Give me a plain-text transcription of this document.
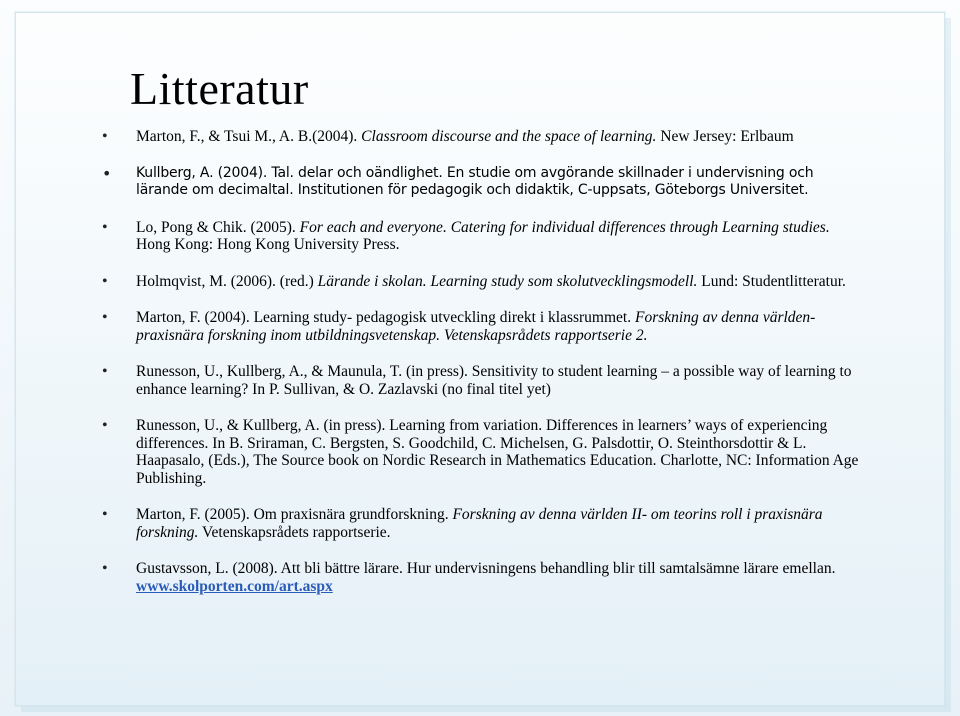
Litteratur
• Marton, F., & Tsui M., A. B.(2004). Classroom discourse and the space of learning. New Jersey: Erlbaum
• Kullberg, A. (2004). Tal. delar och oändlighet. En studie om avgörande skillnader i undervisning och lärande om decimaltal. Institutionen för pedagogik och didaktik, C-uppsats, Göteborgs Universitet.
• Lo, Pong & Chik. (2005). For each and everyone. Catering for individual differences through Learning studies. Hong Kong: Hong Kong University Press.
• Holmqvist, M. (2006). (red.) Lärande i skolan. Learning study som skolutvecklingsmodell. Lund: Studentlitteratur.
• Marton, F. (2004). Learning study- pedagogisk utveckling direkt i klassrummet. Forskning av denna världen-praxisnära forskning inom utbildningsvetenskap. Vetenskapsrådets rapportserie 2.
• Runesson, U., Kullberg, A., & Maunula, T. (in press). Sensitivity to student learning – a possible way of learning to enhance learning? In P. Sullivan, & O. Zazlavski (no final titel yet)
• Runesson, U., & Kullberg, A. (in press). Learning from variation. Differences in learners’ ways of experiencing differences. In B. Sriraman, C. Bergsten, S. Goodchild, C. Michelsen, G. Palsdottir, O. Steinthorsdottir & L. Haapasalo, (Eds.), The Source book on Nordic Research in Mathematics Education. Charlotte, NC: Information Age Publishing.
• Marton, F. (2005). Om praxisnära grundforskning. Forskning av denna världen II- om teorins roll i praxisnära forskning. Vetenskapsrådets rapportserie.
• Gustavsson, L. (2008). Att bli bättre lärare. Hur undervisningens behandling blir till samtalsämne lärare emellan. www.skolporten.com/art.aspx
